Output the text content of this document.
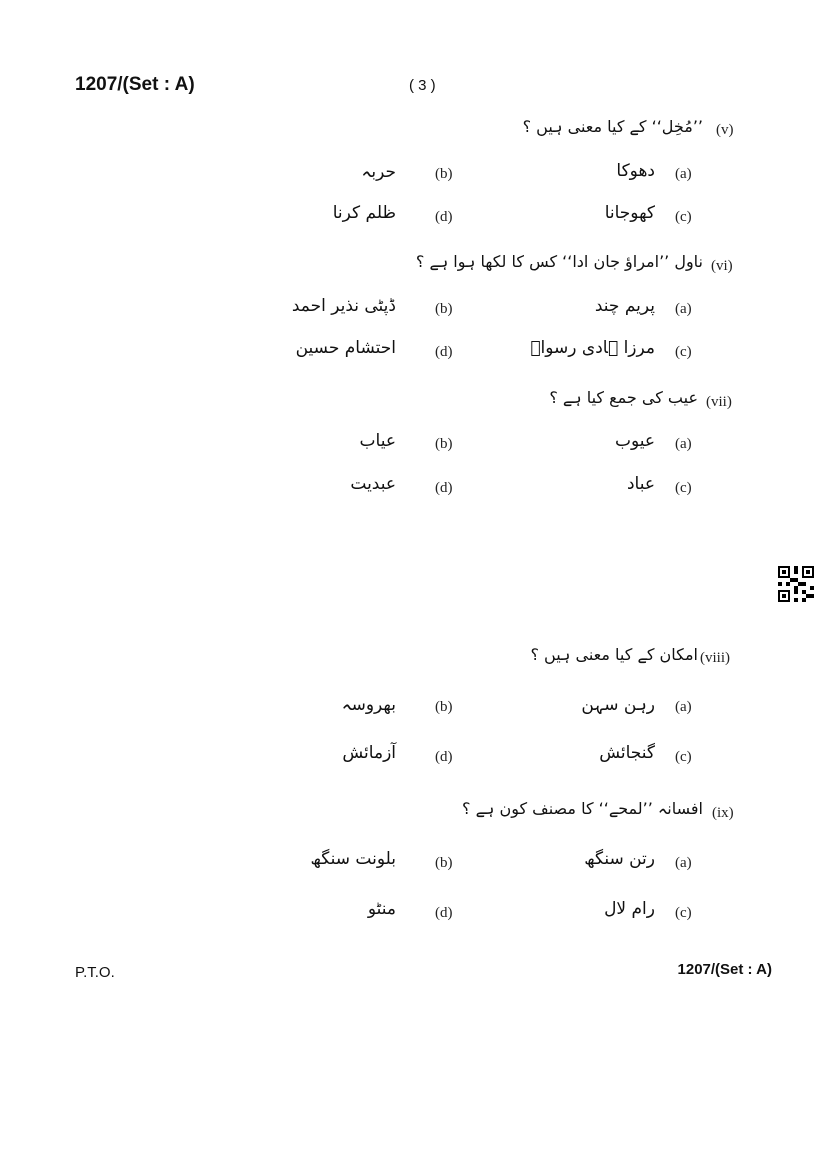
1207/(Set : A)	( 3 )
(v)
’’مُخِل‘‘ کے کیا معنی ہیں ؟
(a)
دھوکا
(b)
حربہ
(c)
کھوجانا
(d)
ظلم کرنا
(vi)
ناول ’’امراؤ جان ادا‘‘ کس کا لکھا ہوا ہے ؟
(a)
پریم چند
(b)
ڈپٹی نذیر احمد
(c)
مرزا ہادی رسواؔ
(d)
احتشام حسین
(vii)
عیب کی جمع کیا ہے ؟
(a)
عیوب
(b)
عیاب
(c)
عباد
(d)
عبدیت
(viii)
امکان کے کیا معنی ہیں ؟
(a)
رہن سہن
(b)
بھروسہ
(c)
گنجائش
(d)
آزمائش
(ix)
افسانہ ’’لمحے‘‘ کا مصنف کون ہے ؟
(a)
رتن سنگھ
(b)
بلونت سنگھ
(c)
رام لال
(d)
منٹو
P.T.O.	1207/(Set : A)
